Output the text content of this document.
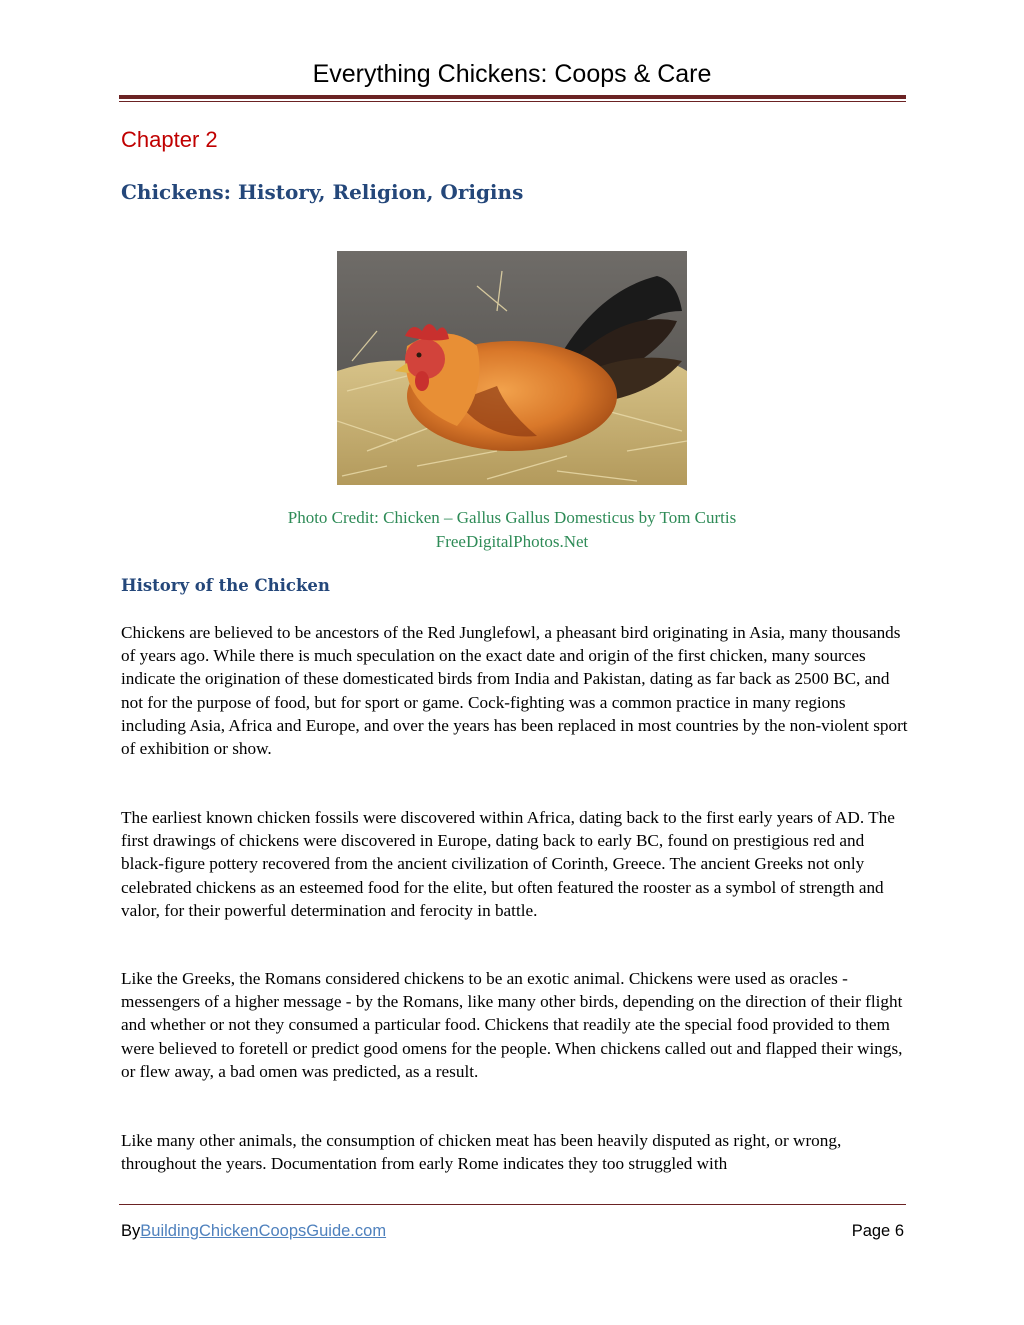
Everything Chickens: Coops & Care
Chapter 2
Chickens: History, Religion, Origins
Photo Credit: Chicken – Gallus Gallus Domesticus by Tom Curtis
FreeDigitalPhotos.Net
History of the Chicken

Chickens are believed to be ancestors of the Red Junglefowl, a pheasant bird originating in Asia, many thousands of years ago. While there is much speculation on the exact date and origin of the first chicken, many sources indicate the origination of these domesticated birds from India and Pakistan, dating as far back as 2500 BC, and not for the purpose of food, but for sport or game. Cock-fighting was a common practice in many regions including Asia, Africa and Europe, and over the years has been replaced in most countries by the non-violent sport of exhibition or show.

The earliest known chicken fossils were discovered within Africa, dating back to the first early years of AD. The first drawings of chickens were discovered in Europe, dating back to early BC, found on prestigious red and black-figure pottery recovered from the ancient civilization of Corinth, Greece. The ancient Greeks not only celebrated chickens as an esteemed food for the elite, but often featured the rooster as a symbol of strength and valor, for their powerful determination and ferocity in battle.

Like the Greeks, the Romans considered chickens to be an exotic animal. Chickens were used as oracles - messengers of a higher message - by the Romans, like many other birds, depending on the direction of their flight and whether or not they consumed a particular food. Chickens that readily ate the special food provided to them were believed to foretell or predict good omens for the people. When chickens called out and flapped their wings, or flew away, a bad omen was predicted, as a result.

Like many other animals, the consumption of chicken meat has been heavily disputed as right, or wrong, throughout the years. Documentation from early Rome indicates they too struggled with

ByBuildingChickenCoopsGuide.com	Page 6
